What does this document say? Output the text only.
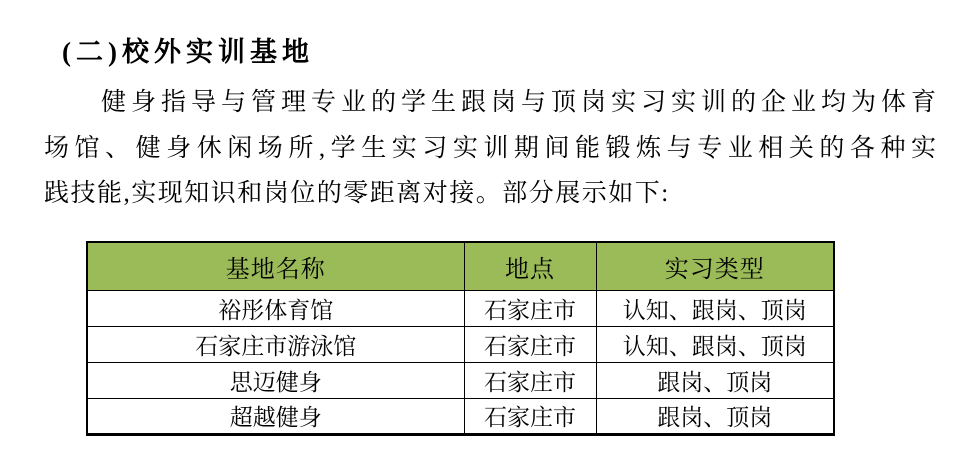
(二)校外实训基地
健身指导与管理专业的学生跟岗与顶岗实习实训的企业均为体育
场馆、健身休闲场所,学生实习实训期间能锻炼与专业相关的各种实
践技能,实现知识和岗位的零距离对接。部分展示如下:
基地名称	地点	实习类型
裕彤体育馆	石家庄市	认知、跟岗、顶岗
石家庄市游泳馆	石家庄市	认知、跟岗、顶岗
思迈健身	石家庄市	跟岗、顶岗
超越健身	石家庄市	跟岗、顶岗
